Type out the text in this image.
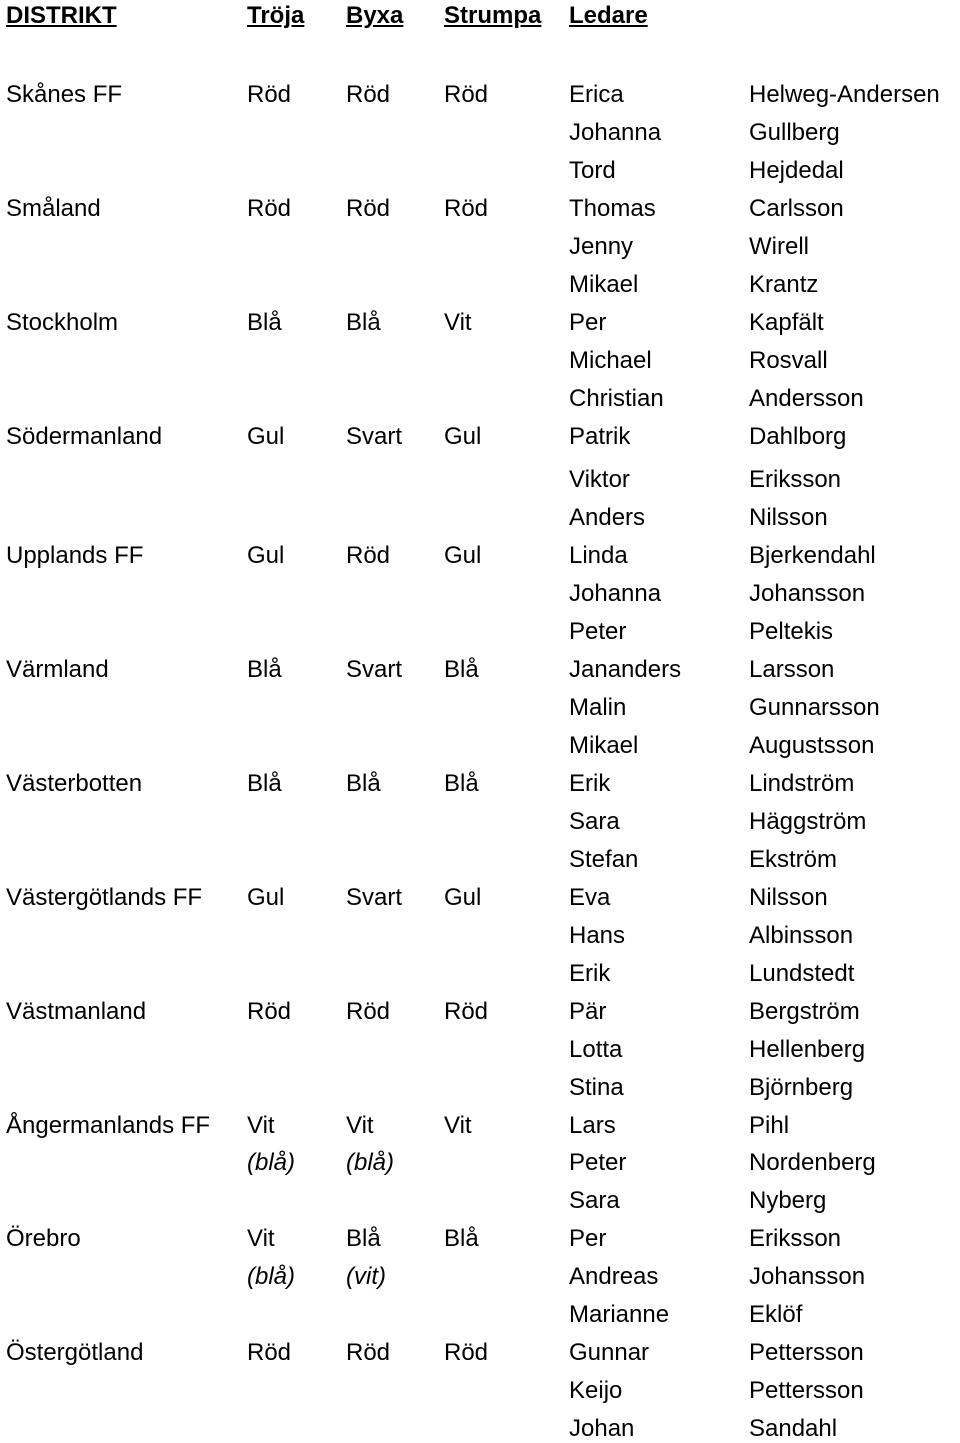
DISTRIKT	Tröja Byxa Strumpa Ledare
Skånes FF	Röd Röd Röd	Erica	Helweg-Andersen
Johanna	Gullberg
Tord	Hejdedal
Småland	Röd Röd Röd	Thomas	Carlsson
Jenny	Wirell
Mikael	Krantz
Stockholm	Blå	Blå	Vit	Per	Kapfält
Michael	Rosvall
Christian	Andersson
Södermanland	Gul	Svart Gul	Patrik	Dahlborg
Viktor	Eriksson
Anders	Nilsson
Upplands FF	Gul	Röd Gul	Linda	Bjerkendahl
Johanna	Johansson
Peter	Peltekis
Värmland	Blå	Svart Blå	Jananders	Larsson
Malin	Gunnarsson
Mikael	Augustsson
Västerbotten	Blå	Blå	Blå	Erik	Lindström
Sara	Häggström
Stefan	Ekström
Västergötlands FF Gul	Svart Gul	Eva	Nilsson
Hans	Albinsson
Erik	Lundstedt
Västmanland	Röd Röd Röd	Pär	Bergström
Lotta	Hellenberg
Stina	Björnberg
Ångermanlands FF Vit	Vit	Vit	Lars	Pihl
(blå) (blå)	Peter	Nordenberg
Sara	Nyberg
Örebro	Vit	Blå	Blå	Per	Eriksson
(blå) (vit)	Andreas	Johansson
Marianne	Eklöf
Östergötland	Röd Röd Röd	Gunnar	Pettersson
Keijo	Pettersson
Johan	Sandahl
